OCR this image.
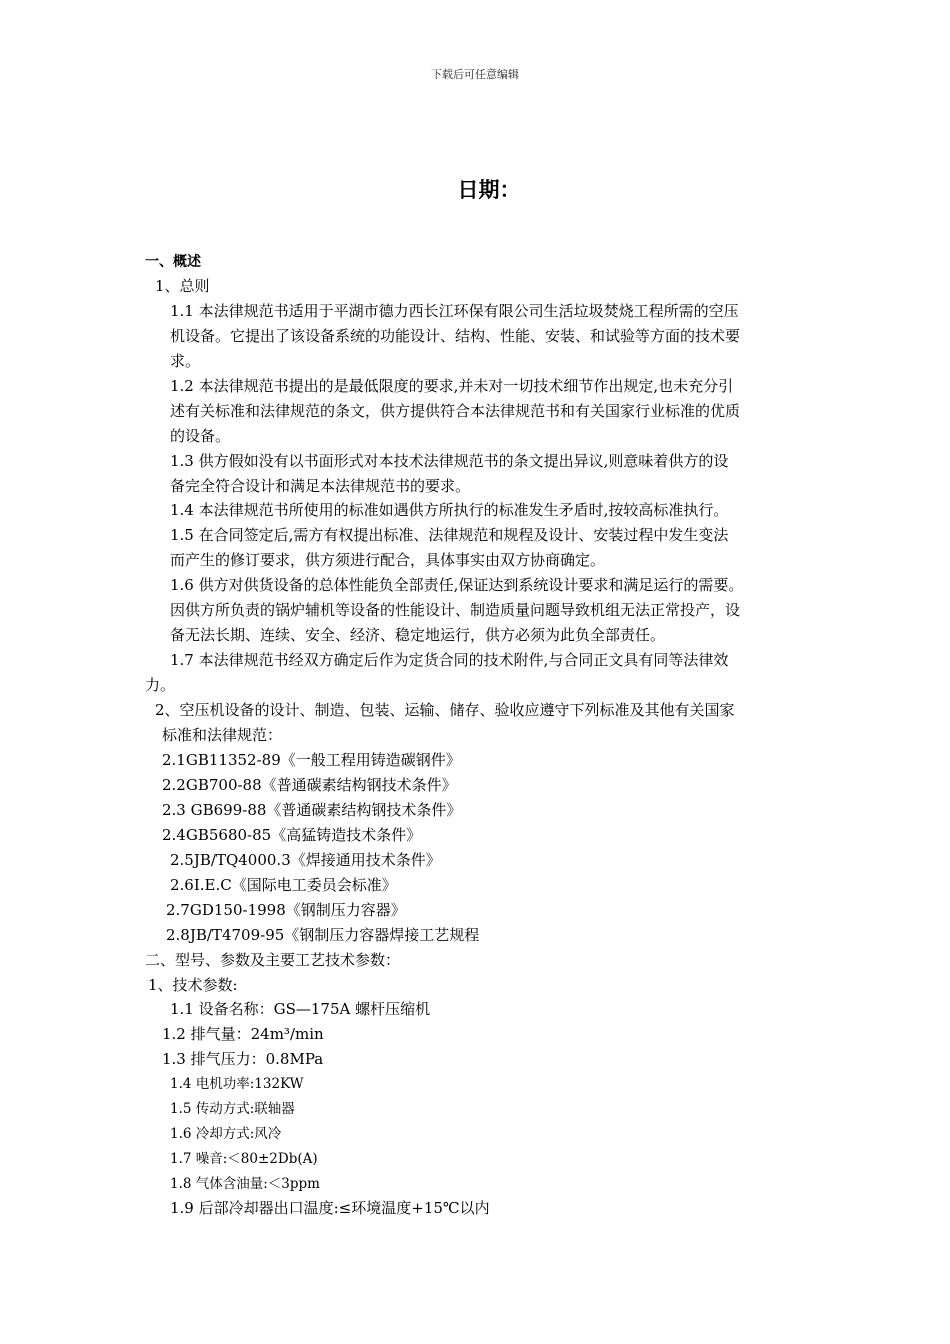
下载后可任意编辑
日期：
一、概述
1、总则
1.1 本法律规范书适用于平湖市德力西长江环保有限公司生活垃圾焚烧工程所需的空压
机设备。它提出了该设备系统的功能设计、结构、性能、安装、和试验等方面的技术要
求。
1.2 本法律规范书提出的是最低限度的要求,并未对一切技术细节作出规定,也未充分引
述有关标准和法律规范的条文，供方提供符合本法律规范书和有关国家行业标准的优质
的设备。
1.3 供方假如没有以书面形式对本技术法律规范书的条文提出异议,则意味着供方的设
备完全符合设计和满足本法律规范书的要求。
1.4 本法律规范书所使用的标准如遇供方所执行的标准发生矛盾时,按较高标准执行。
1.5 在合同签定后,需方有权提出标准、法律规范和规程及设计、安装过程中发生变法
而产生的修订要求，供方须进行配合，具体事实由双方协商确定。
1.6 供方对供货设备的总体性能负全部责任,保证达到系统设计要求和满足运行的需要。
因供方所负责的锅炉辅机等设备的性能设计、制造质量问题导致机组无法正常投产，设
备无法长期、连续、安全、经济、稳定地运行，供方必须为此负全部责任。
1.7 本法律规范书经双方确定后作为定货合同的技术附件,与合同正文具有同等法律效
力。
2、空压机设备的设计、制造、包装、运输、储存、验收应遵守下列标准及其他有关国家
标准和法律规范：
2.1GB11352-89《一般工程用铸造碳钢件》
2.2GB700-88《普通碳素结构钢技术条件》
2.3 GB699-88《普通碳素结构钢技术条件》
2.4GB5680-85《高猛铸造技术条件》
2.5JB/TQ4000.3《焊接通用技术条件》
2.6I.E.C《国际电工委员会标准》
2.7GD150-1998《钢制压力容器》
2.8JB/T4709-95《钢制压力容器焊接工艺规程
二、型号、参数及主要工艺技术参数：
1、技术参数:
1.1 设备名称：GS—175A 螺杆压缩机
1.2 排气量：24m³/min
1.3 排气压力：0.8MPa
1.4 电机功率:132KW
1.5 传动方式:联轴器
1.6 冷却方式:风冷
1.7 噪音:＜80±2Db(A)
1.8 气体含油量:＜3ppm
1.9 后部冷却器出口温度:≤环境温度+15℃以内
